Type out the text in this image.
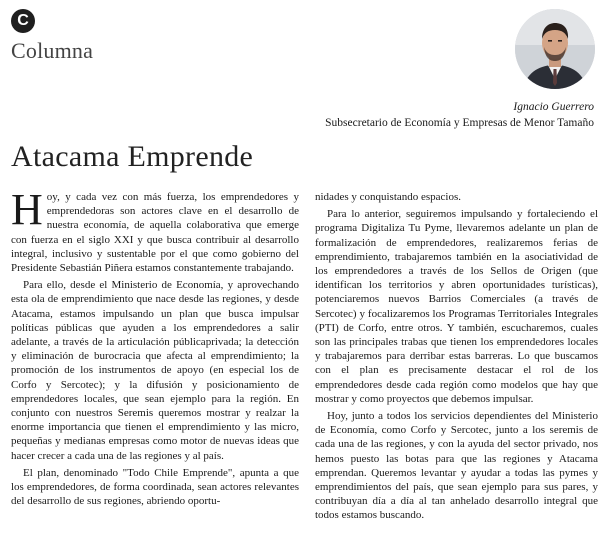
C
Columna
Ignacio Guerrero
Subsecretario de Economía y Empresas de Menor Tamaño
Atacama Emprende

Hoy, y cada vez con más fuerza, los emprendedores y emprendedoras son actores clave en el desarrollo de nuestra economía, de aquella colaborativa que emerge con fuerza en el siglo XXI y que busca contribuir al desarrollo integral, inclusivo y sustentable por el que como gobierno del Presidente Sebastián Piñera estamos constantemente trabajando.

Para ello, desde el Ministerio de Economía, y aprovechando esta ola de emprendimiento que nace desde las regiones, y desde Atacama, estamos impulsando un plan que busca impulsar políticas públicas que ayuden a los emprendedores a salir adelante, a través de la articulación públicaprivada; la detección y eliminación de burocracia que afecta al emprendimiento; la promoción de los instrumentos de apoyo (en especial los de Corfo y Sercotec); y la difusión y posicionamiento de emprendedores locales, que sean ejemplo para la región. En conjunto con nuestros Seremis queremos mostrar y realzar la enorme importancia que tienen el emprendimiento y las micro, pequeñas y medianas empresas como motor de nuevas ideas que hacer crecer a cada una de las regiones y al país.

El plan, denominado "Todo Chile Emprende", apunta a que los emprendedores, de forma coordinada, sean actores relevantes del desarrollo de sus regiones, abriendo oportu-

nidades y conquistando espacios.

Para lo anterior, seguiremos impulsando y fortaleciendo el programa Digitaliza Tu Pyme, llevaremos adelante un plan de formalización de emprendedores, realizaremos ferias de emprendimiento, trabajaremos también en la asociatividad de los emprendedores a través de los Sellos de Origen (que identifican los territorios y abren oportunidades turísticas), potenciaremos nuevos Barrios Comerciales (a través de Sercotec) y focalizaremos los Programas Territoriales Integrales (PTI) de Corfo, entre otros. Y también, escucharemos, cuales son las principales trabas que tienen los emprendedores locales y trabajaremos para derribar estas barreras. Lo que buscamos con el plan es precisamente destacar el rol de los emprendedores desde cada región como modelos que hay que mostrar y como proyectos que debemos impulsar.

Hoy, junto a todos los servicios dependientes del Ministerio de Economía, como Corfo y Sercotec, junto a los seremis de cada una de las regiones, y con la ayuda del sector privado, nos hemos puesto las botas para que las regiones y Atacama emprendan. Queremos levantar y ayudar a todas las pymes y emprendimientos del país, que sean ejemplo para sus pares, y contribuyan día a día al tan anhelado desarrollo integral que todos estamos buscando.
